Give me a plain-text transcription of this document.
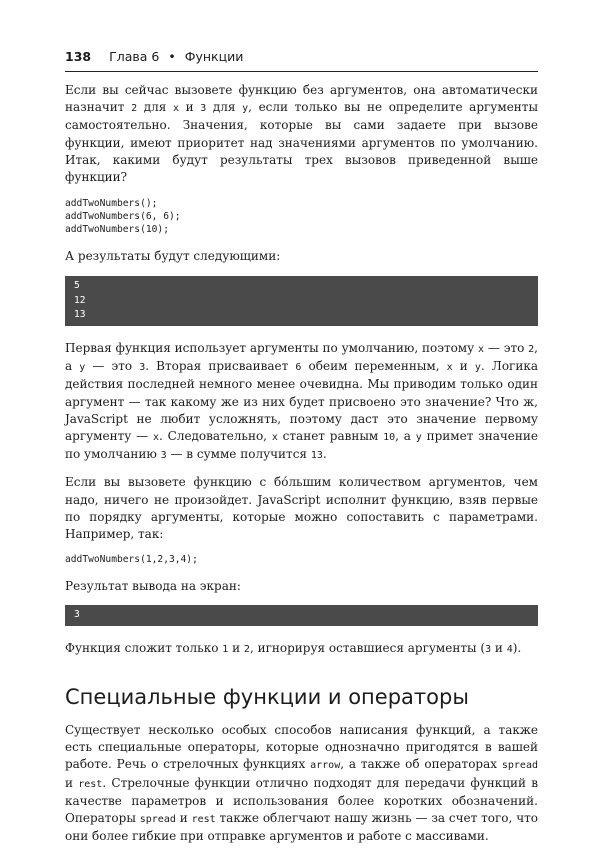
138 Глава 6 • Функции

Если вы сейчас вызовете функцию без аргументов, она автоматически назначит 2 для x и 3 для y, если только вы не определите аргументы самостоятельно. Значения, которые вы сами задаете при вызове функции, имеют приоритет над значениями аргументов по умолчанию. Итак, какими будут результаты трех вызовов приведенной выше функции?

addTwoNumbers();
addTwoNumbers(6, 6);
addTwoNumbers(10);

А результаты будут следующими:

5
12
13

Первая функция использует аргументы по умолчанию, поэтому x — это 2, а y — это 3. Вторая присваивает 6 обеим переменным, x и y. Логика действия последней немного менее очевидна. Мы приводим только один аргумент — так какому же из них будет присвоено это значение? Что ж, JavaScript не любит усложнять, поэтому даст это значение первому аргументу — x. Следовательно, x станет равным 10, а y примет значение по умолчанию 3 — в сумме получится 13.

Если вы вызовете функцию с бо́льшим количеством аргументов, чем надо, ничего не произойдет. JavaScript исполнит функцию, взяв первые по порядку аргументы, которые можно сопоставить с параметрами. Например, так:

addTwoNumbers(1,2,3,4);

Результат вывода на экран:

3

Функция сложит только 1 и 2, игнорируя оставшиеся аргументы (3 и 4).

Специальные функции и операторы

Существует несколько особых способов написания функций, а также есть специальные операторы, которые однозначно пригодятся в вашей работе. Речь о стрелочных функциях arrow, а также об операторах spread и rest. Стрелочные функции отлично подходят для передачи функций в качестве параметров и использования более коротких обозначений. Операторы spread и rest также облегчают нашу жизнь — за счет того, что они более гибкие при отправке аргументов и работе с массивами.
